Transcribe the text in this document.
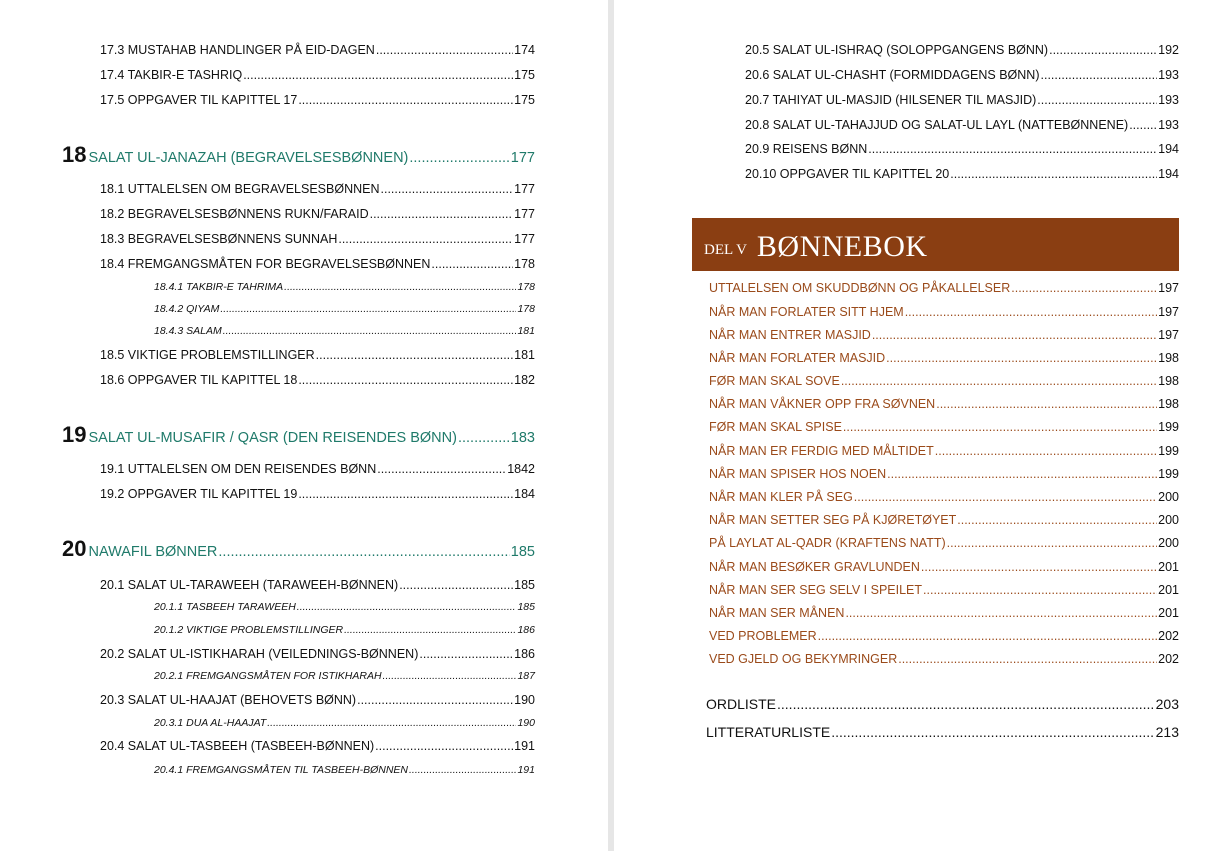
17.3 MUSTAHAB HANDLINGER PÅ EID-DAGEN .....	174
17.4 TAKBIR-E TASHRIQ .....	175
17.5 OPPGAVER TIL KAPITTEL 17 .....	175
18 SALAT UL-JANAZAH (BEGRAVELSESBØNNEN) .....	177
18.1 UTTALELSEN OM BEGRAVELSESBØNNEN .....	177
18.2 BEGRAVELSESBØNNENS RUKN/FARAID .....	177
18.3 BEGRAVELSESBØNNENS SUNNAH .....	177
18.4 FREMGANGSMÅTEN FOR BEGRAVELSESBØNNEN .....	178
18.4.1 TAKBIR-E TAHRIMA .....	178
18.4.2 QIYAM .....	178
18.4.3 SALAM .....	181
18.5 VIKTIGE PROBLEMSTILLINGER .....	181
18.6 OPPGAVER TIL KAPITTEL 18 .....	182
19 SALAT UL-MUSAFIR / QASR (DEN REISENDES BØNN) .....	183
19.1 UTTALELSEN OM DEN REISENDES BØNN .....	1842
19.2 OPPGAVER TIL KAPITTEL 19 .....	184
20 NAWAFIL BØNNER .....	185
20.1 SALAT UL-TARAWEEH (TARAWEEH-BØNNEN) .....	185
20.1.1 TASBEEH TARAWEEH .....	185
20.1.2 VIKTIGE PROBLEMSTILLINGER .....	186
20.2 SALAT UL-ISTIKHARAH (VEILEDNINGS-BØNNEN) .....	186
20.2.1 FREMGANGSMÅTEN FOR ISTIKHARAH .....	187
20.3 SALAT UL-HAAJAT (BEHOVETS BØNN) .....	190
20.3.1 DUA AL-HAAJAT .....	190
20.4 SALAT UL-TASBEEH (TASBEEH-BØNNEN) .....	191
20.4.1 FREMGANGSMÅTEN TIL TASBEEH-BØNNEN .....	191
20.5 SALAT UL-ISHRAQ (SOLOPPGANGENS BØNN) .....	192
20.6 SALAT UL-CHASHT (FORMIDDAGENS BØNN) .....	193
20.7 TAHIYAT UL-MASJID (HILSENER TIL MASJID) .....	193
20.8 SALAT UL-TAHAJJUD OG SALAT-UL LAYL (NATTEBØNNENE) ..... 193
20.9 REISENS BØNN .....	194
20.10 OPPGAVER TIL KAPITTEL 20 .....	194
DEL V BØNNEBOK
UTTALELSEN OM SKUDDBØNN OG PÅKALLELSER .....	197
NÅR MAN FORLATER SITT HJEM .....	197
NÅR MAN ENTRER MASJID .....	197
NÅR MAN FORLATER MASJID .....	198
FØR MAN SKAL SOVE .....	198
NÅR MAN VÅKNER OPP FRA SØVNEN .....	198
FØR MAN SKAL SPISE .....	199
NÅR MAN ER FERDIG MED MÅLTIDET .....	199
NÅR MAN SPISER HOS NOEN .....	199
NÅR MAN KLER PÅ SEG .....	200
NÅR MAN SETTER SEG PÅ KJØRETØYET .....	200
PÅ LAYLAT AL-QADR (KRAFTENS NATT) .....	200
NÅR MAN BESØKER GRAVLUNDEN .....	201
NÅR MAN SER SEG SELV I SPEILET .....	201
NÅR MAN SER MÅNEN .....	201
VED PROBLEMER .....	202
VED GJELD OG BEKYMRINGER .....	202
ORDLISTE .....	203
LITTERATURLISTE .....	213
